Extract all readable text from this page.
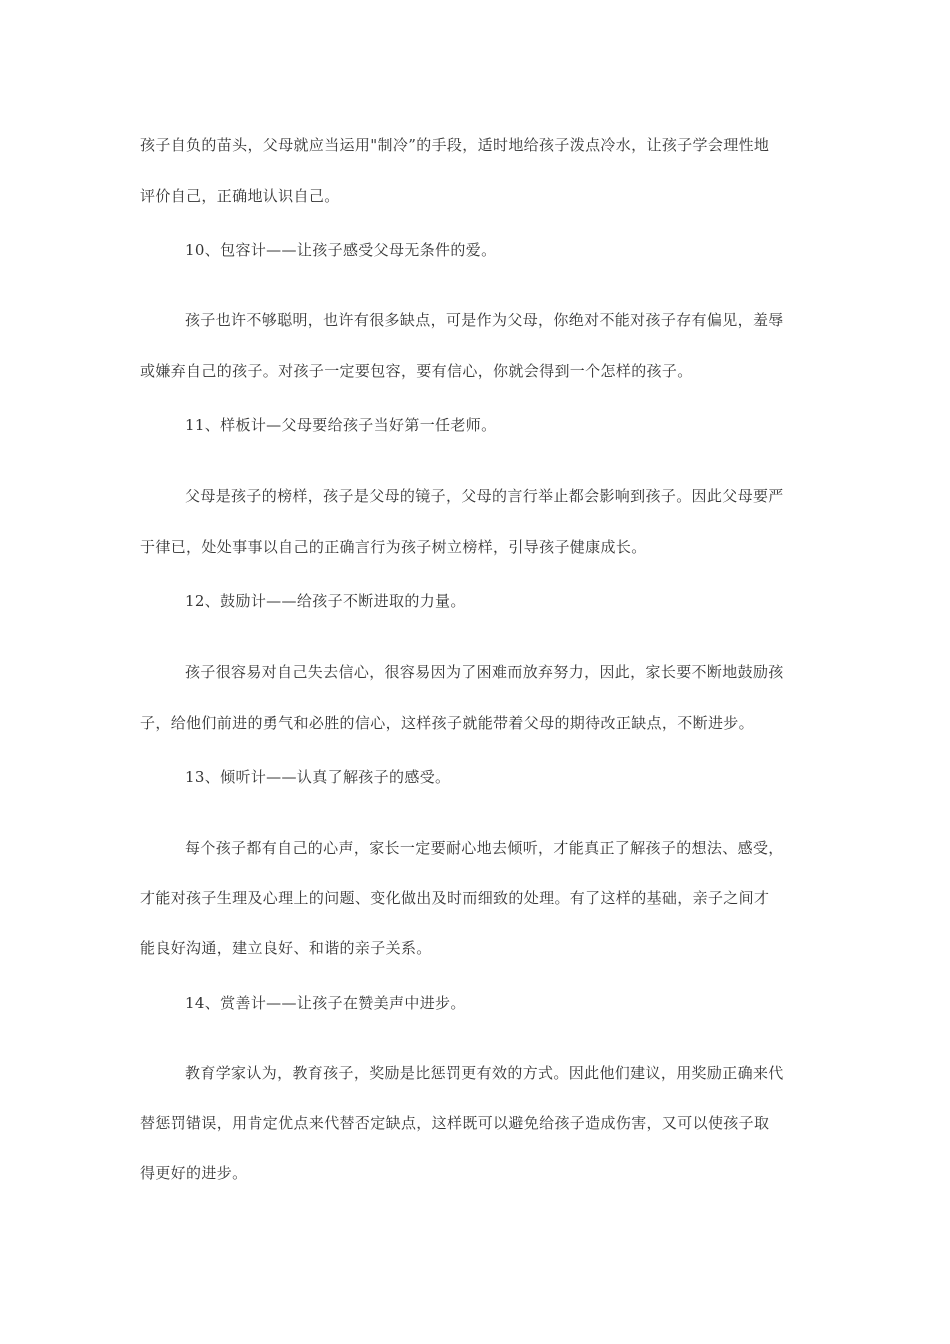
孩子自负的苗头，父母就应当运用"制冷”的手段，适时地给孩子泼点冷水，让孩子学会理性地
评价自己，正确地认识自己。
10、包容计——让孩子感受父母无条件的爱。
孩子也许不够聪明，也许有很多缺点，可是作为父母，你绝对不能对孩子存有偏见，羞辱
或嫌弃自己的孩子。对孩子一定要包容，要有信心，你就会得到一个怎样的孩子。
11、样板计—父母要给孩子当好第一任老师。
父母是孩子的榜样，孩子是父母的镜子，父母的言行举止都会影响到孩子。因此父母要严
于律已，处处事事以自己的正确言行为孩子树立榜样，引导孩子健康成长。
12、鼓励计——给孩子不断进取的力量。
孩子很容易对自己失去信心，很容易因为了困难而放弃努力，因此，家长要不断地鼓励孩
子，给他们前进的勇气和必胜的信心，这样孩子就能带着父母的期待改正缺点，不断进步。
13、倾听计——认真了解孩子的感受。
每个孩子都有自己的心声，家长一定要耐心地去倾听，才能真正了解孩子的想法、感受，
才能对孩子生理及心理上的问题、变化做出及时而细致的处理。有了这样的基础，亲子之间才
能良好沟通，建立良好、和谐的亲子关系。
14、赏善计——让孩子在赞美声中进步。
教育学家认为，教育孩子，奖励是比惩罚更有效的方式。因此他们建议，用奖励正确来代
替惩罚错误，用肯定优点来代替否定缺点，这样既可以避免给孩子造成伤害，又可以使孩子取
得更好的进步。
